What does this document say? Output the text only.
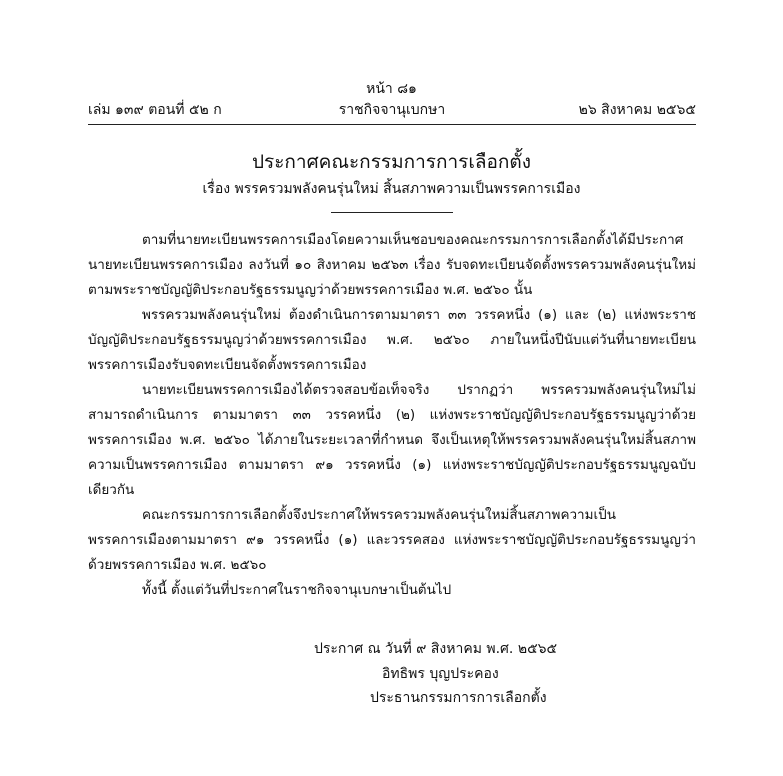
หน้า ๘๑
เล่ม ๑๓๙ ตอนที่ ๕๒ ก	ราชกิจจานุเบกษา	๒๖ สิงหาคม ๒๕๖๕
ประกาศคณะกรรมการการเลือกตั้ง
เรื่อง พรรครวมพลังคนรุ่นใหม่ สิ้นสภาพความเป็นพรรคการเมือง

ตามที่นายทะเบียนพรรคการเมืองโดยความเห็นชอบของคณะกรรมการการเลือกตั้งได้มีประกาศนายทะเบียนพรรคการเมือง ลงวันที่ ๑๐ สิงหาคม ๒๕๖๓ เรื่อง รับจดทะเบียนจัดตั้งพรรครวมพลังคนรุ่นใหม่ ตามพระราชบัญญัติประกอบรัฐธรรมนูญว่าด้วยพรรคการเมือง พ.ศ. ๒๕๖๐ นั้น

พรรครวมพลังคนรุ่นใหม่ ต้องดำเนินการตามมาตรา ๓๓ วรรคหนึ่ง (๑) และ (๒) แห่งพระราชบัญญัติประกอบรัฐธรรมนูญว่าด้วยพรรคการเมือง พ.ศ. ๒๕๖๐ ภายในหนึ่งปีนับแต่วันที่นายทะเบียนพรรคการเมืองรับจดทะเบียนจัดตั้งพรรคการเมือง

นายทะเบียนพรรคการเมืองได้ตรวจสอบข้อเท็จจริง ปรากฏว่า พรรครวมพลังคนรุ่นใหม่ไม่สามารถดำเนินการ ตามมาตรา ๓๓ วรรคหนึ่ง (๒) แห่งพระราชบัญญัติประกอบรัฐธรรมนูญว่าด้วยพรรคการเมือง พ.ศ. ๒๕๖๐ ได้ภายในระยะเวลาที่กำหนด จึงเป็นเหตุให้พรรครวมพลังคนรุ่นใหม่สิ้นสภาพความเป็นพรรคการเมือง ตามมาตรา ๙๑ วรรคหนึ่ง (๑) แห่งพระราชบัญญัติประกอบรัฐธรรมนูญฉบับเดียวกัน

คณะกรรมการการเลือกตั้งจึงประกาศให้พรรครวมพลังคนรุ่นใหม่สิ้นสภาพความเป็นพรรคการเมืองตามมาตรา ๙๑ วรรคหนึ่ง (๑) และวรรคสอง แห่งพระราชบัญญัติประกอบรัฐธรรมนูญว่าด้วยพรรคการเมือง พ.ศ. ๒๕๖๐

ทั้งนี้ ตั้งแต่วันที่ประกาศในราชกิจจานุเบกษาเป็นต้นไป

ประกาศ ณ วันที่ ๙ สิงหาคม พ.ศ. ๒๕๖๕
อิทธิพร บุญประคอง
ประธานกรรมการการเลือกตั้ง
